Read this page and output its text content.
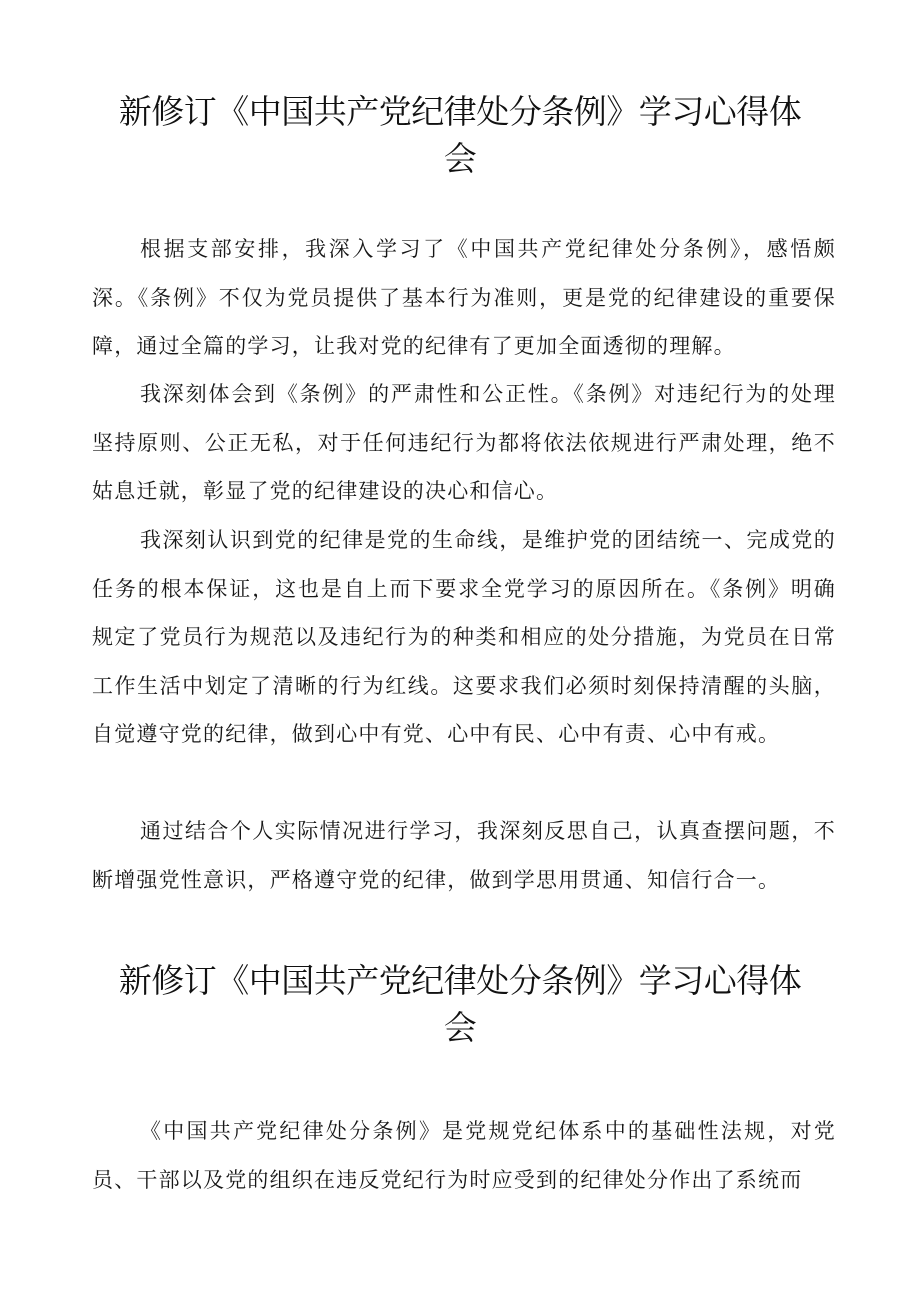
新修订《中国共产党纪律处分条例》学习心得体
会

根据支部安排，我深入学习了《中国共产党纪律处分条例》，感悟颇深。《条例》不仅为党员提供了基本行为准则，更是党的纪律建设的重要保障，通过全篇的学习，让我对党的纪律有了更加全面透彻的理解。

我深刻体会到《条例》的严肃性和公正性。《条例》对违纪行为的处理坚持原则、公正无私，对于任何违纪行为都将依法依规进行严肃处理，绝不姑息迁就，彰显了党的纪律建设的决心和信心。

我深刻认识到党的纪律是党的生命线，是维护党的团结统一、完成党的任务的根本保证，这也是自上而下要求全党学习的原因所在。《条例》明确规定了党员行为规范以及违纪行为的种类和相应的处分措施，为党员在日常工作生活中划定了清晰的行为红线。这要求我们必须时刻保持清醒的头脑，自觉遵守党的纪律，做到心中有党、心中有民、心中有责、心中有戒。

通过结合个人实际情况进行学习，我深刻反思自己，认真查摆问题，不断增强党性意识，严格遵守党的纪律，做到学思用贯通、知信行合一。

新修订《中国共产党纪律处分条例》学习心得体
会

《中国共产党纪律处分条例》是党规党纪体系中的基础性法规，对党员、干部以及党的组织在违反党纪行为时应受到的纪律处分作出了系统而
